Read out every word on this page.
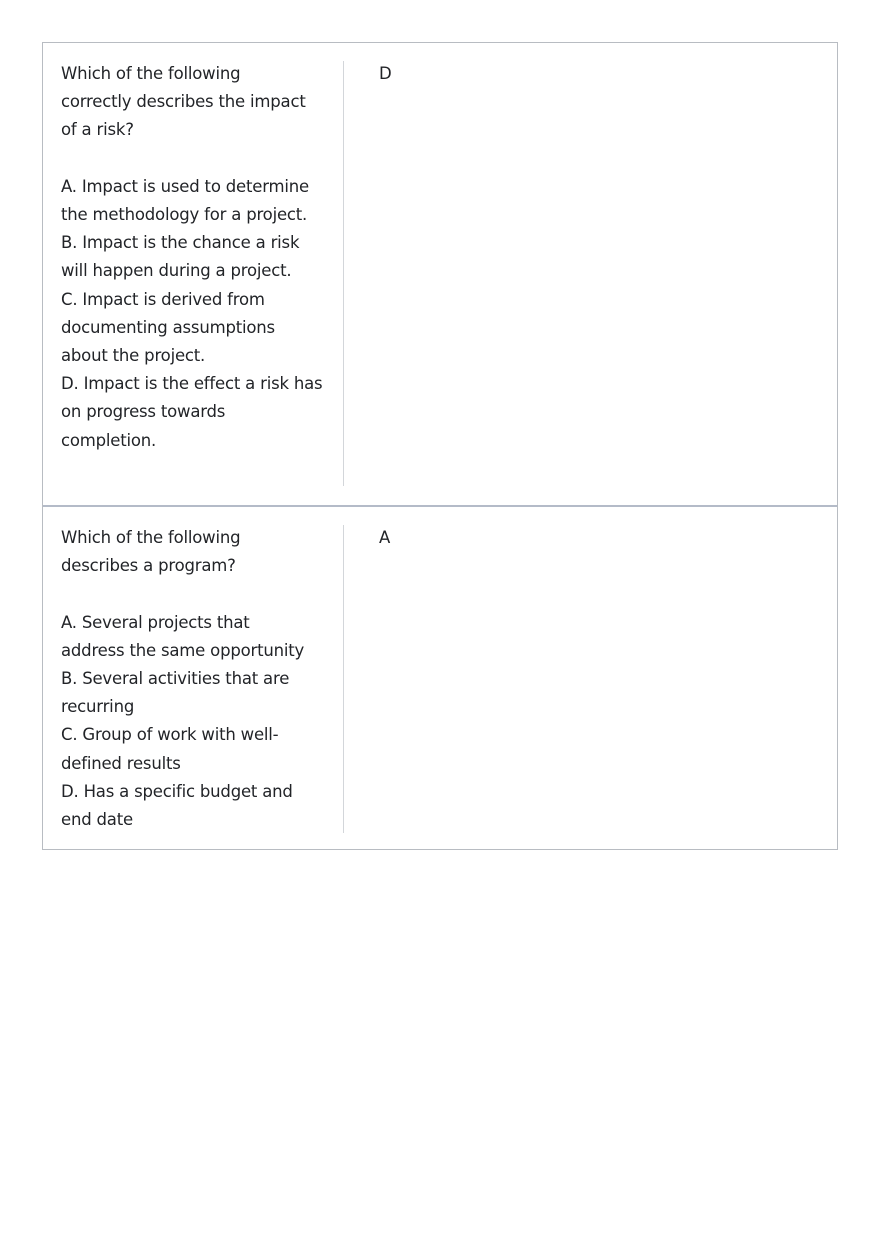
Which of the following
correctly describes the impact
of a risk?
A. Impact is used to determine
the methodology for a project.
B. Impact is the chance a risk
will happen during a project.
C. Impact is derived from
documenting assumptions
about the project.
D. Impact is the effect a risk has
on progress towards
completion.
D
Which of the following
describes a program?
A. Several projects that
address the same opportunity
B. Several activities that are
recurring
C. Group of work with well-
defined results
D. Has a specific budget and
end date
A
